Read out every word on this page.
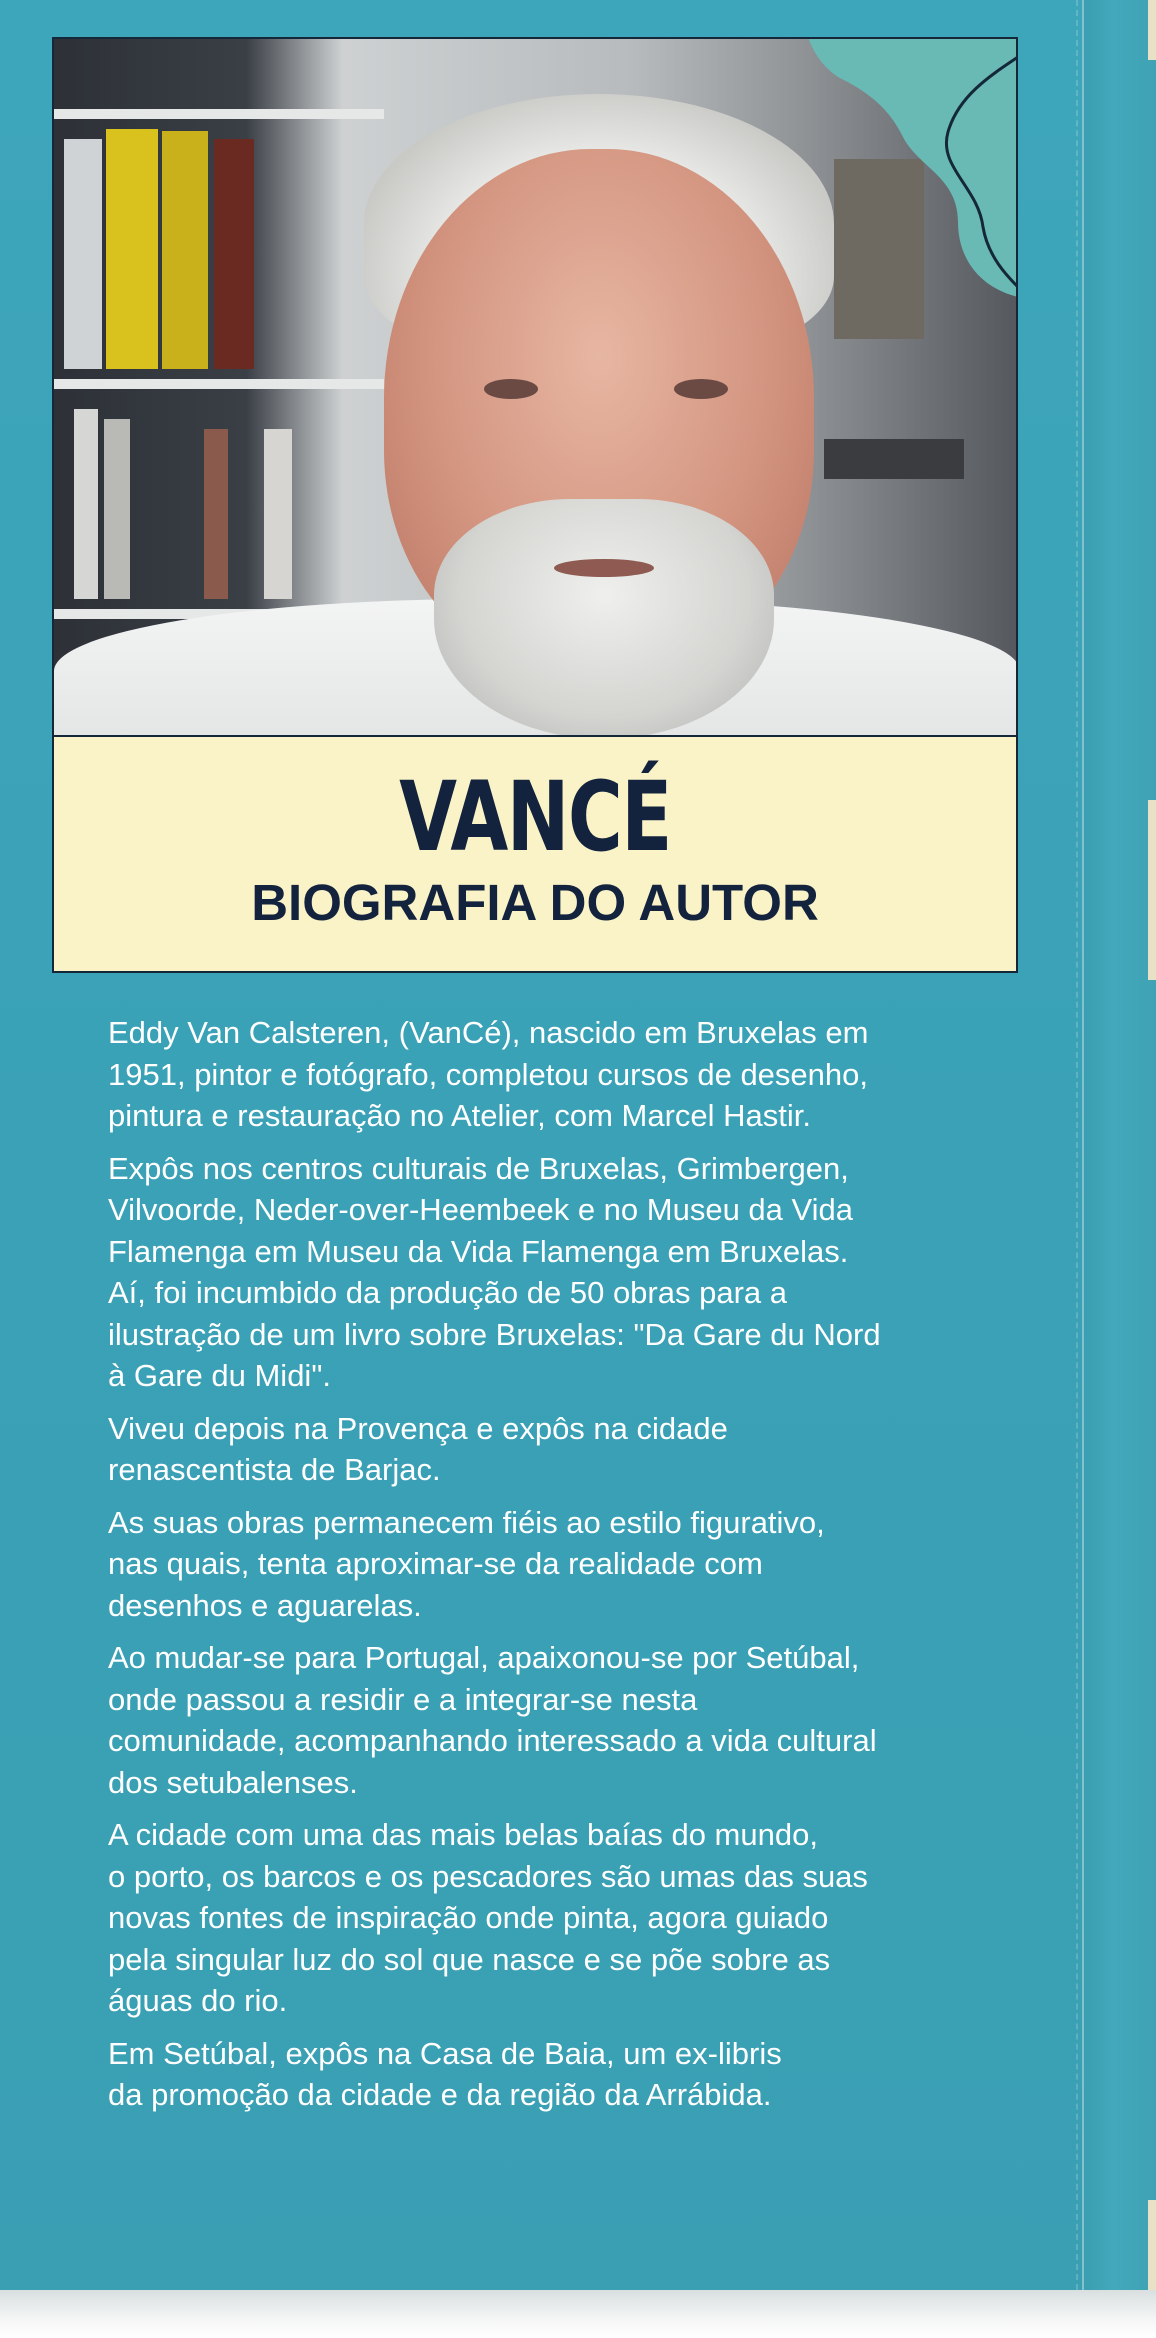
VANCÉ
BIOGRAFIA DO AUTOR

Eddy Van Calsteren, (VanCé), nascido em Bruxelas em
1951, pintor e fotógrafo, completou cursos de desenho,
pintura e restauração no Atelier, com Marcel Hastir.

Expôs nos centros culturais de Bruxelas, Grimbergen,
Vilvoorde, Neder-over-Heembeek e no Museu da Vida
Flamenga em Museu da Vida Flamenga em Bruxelas.
Aí, foi incumbido da produção de 50 obras para a
ilustração de um livro sobre Bruxelas: "Da Gare du Nord
à Gare du Midi".

Viveu depois na Provença e expôs na cidade
renascentista de Barjac.

As suas obras permanecem fiéis ao estilo figurativo,
nas quais, tenta aproximar-se da realidade com
desenhos e aguarelas.

Ao mudar-se para Portugal, apaixonou-se por Setúbal,
onde passou a residir e a integrar-se nesta
comunidade, acompanhando interessado a vida cultural
dos setubalenses.

A cidade com uma das mais belas baías do mundo,
o porto, os barcos e os pescadores são umas das suas
novas fontes de inspiração onde pinta, agora guiado
pela singular luz do sol que nasce e se põe sobre as
águas do rio.

Em Setúbal, expôs na Casa de Baia, um ex-libris
da promoção da cidade e da região da Arrábida.
